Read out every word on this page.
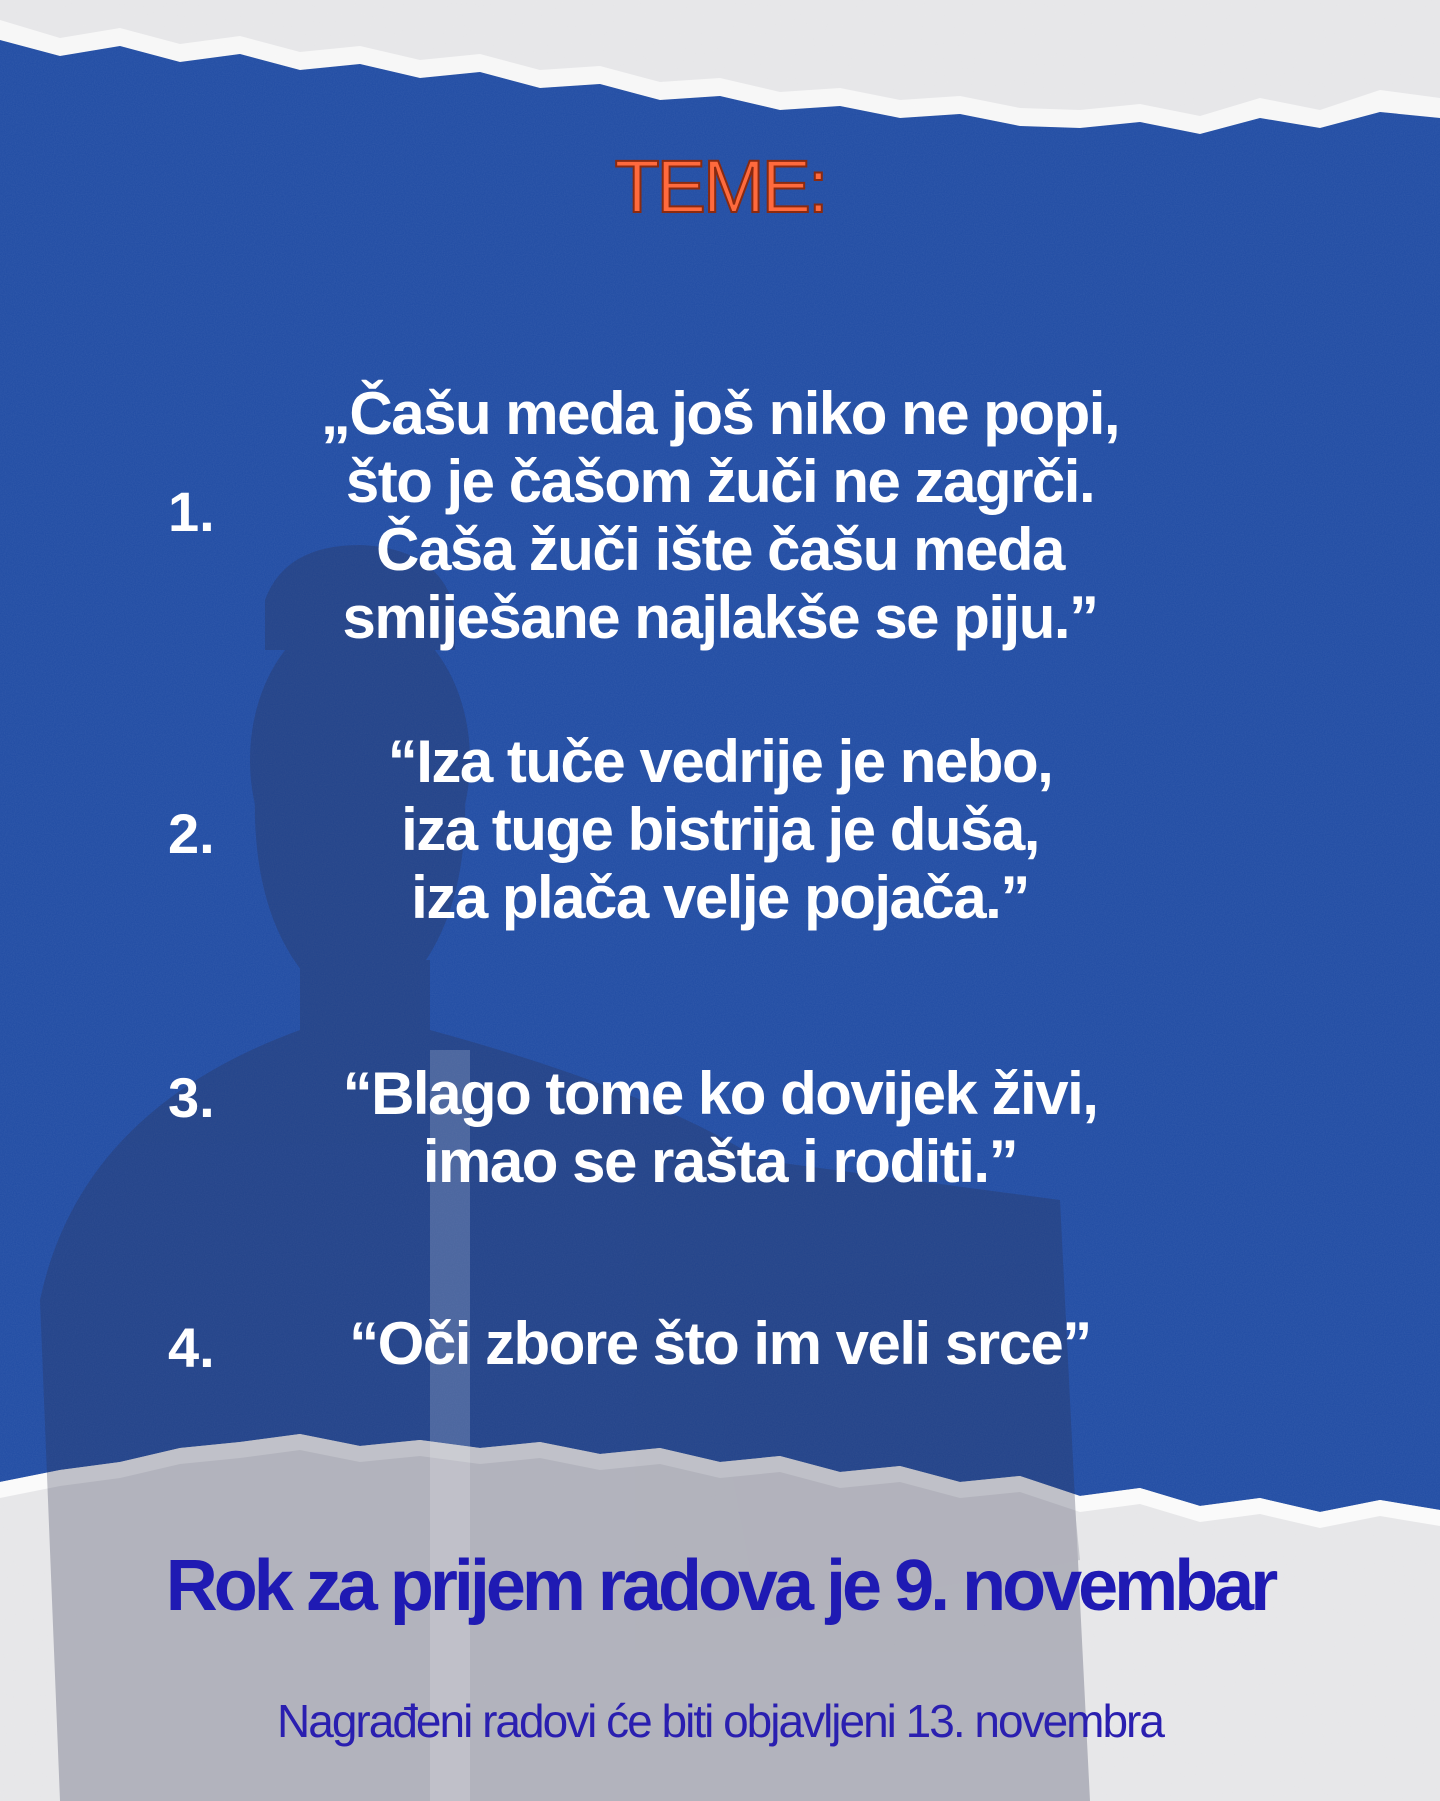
TEME:
1.
„Čašu meda još niko ne popi,
što je čašom žuči ne zagrči.
Čaša žuči ište čašu meda
smiješane najlakše se piju.”
2.
“Iza tuče vedrije je nebo,
iza tuge bistrija je duša,
iza plača velje pojača.”
3.	“Blago tome ko dovijek živi,
imao se rašta i roditi.”
4.	“Oči zbore što im veli srce”
Rok za prijem radova je 9. novembar
Nagrađeni radovi će biti objavljeni 13. novembra
